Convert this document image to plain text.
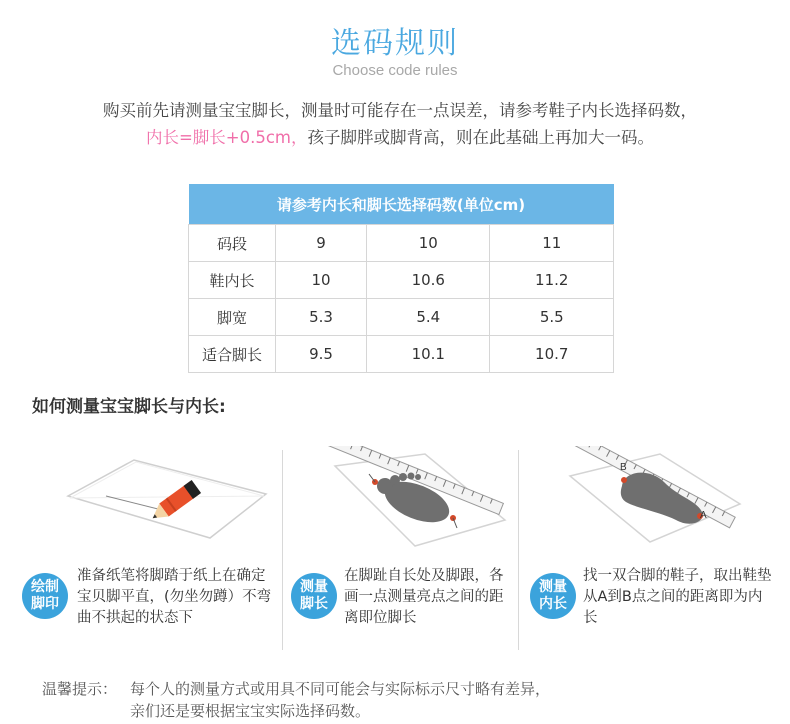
选码规则
Choose code rules
购买前先请测量宝宝脚长，测量时可能存在一点误差，请参考鞋子内长选择码数，
内长=脚长+0.5cm，孩子脚胖或脚背高，则在此基础上再加大一码。
请参考内长和脚长选择码数(单位cm)			
码段	9	10	11
鞋内长	10	10.6	11.2
脚宽	5.3	5.4	5.5
适合脚长	9.5	10.1	10.7
如何测量宝宝脚长与内长:
B
A
绘制脚印
准备纸笔将脚踏于纸上在确定宝贝脚平直，(勿坐勿蹲）不弯曲不拱起的状态下
测量脚长
在脚趾自长处及脚跟，各画一点测量亮点之间的距离即位脚长
测量内长
找一双合脚的鞋子，取出鞋垫从A到B点之间的距离即为内长
温馨提示： 每个人的测量方式或用具不同可能会与实际标示尺寸略有差异，
亲们还是要根据宝宝实际选择码数。
